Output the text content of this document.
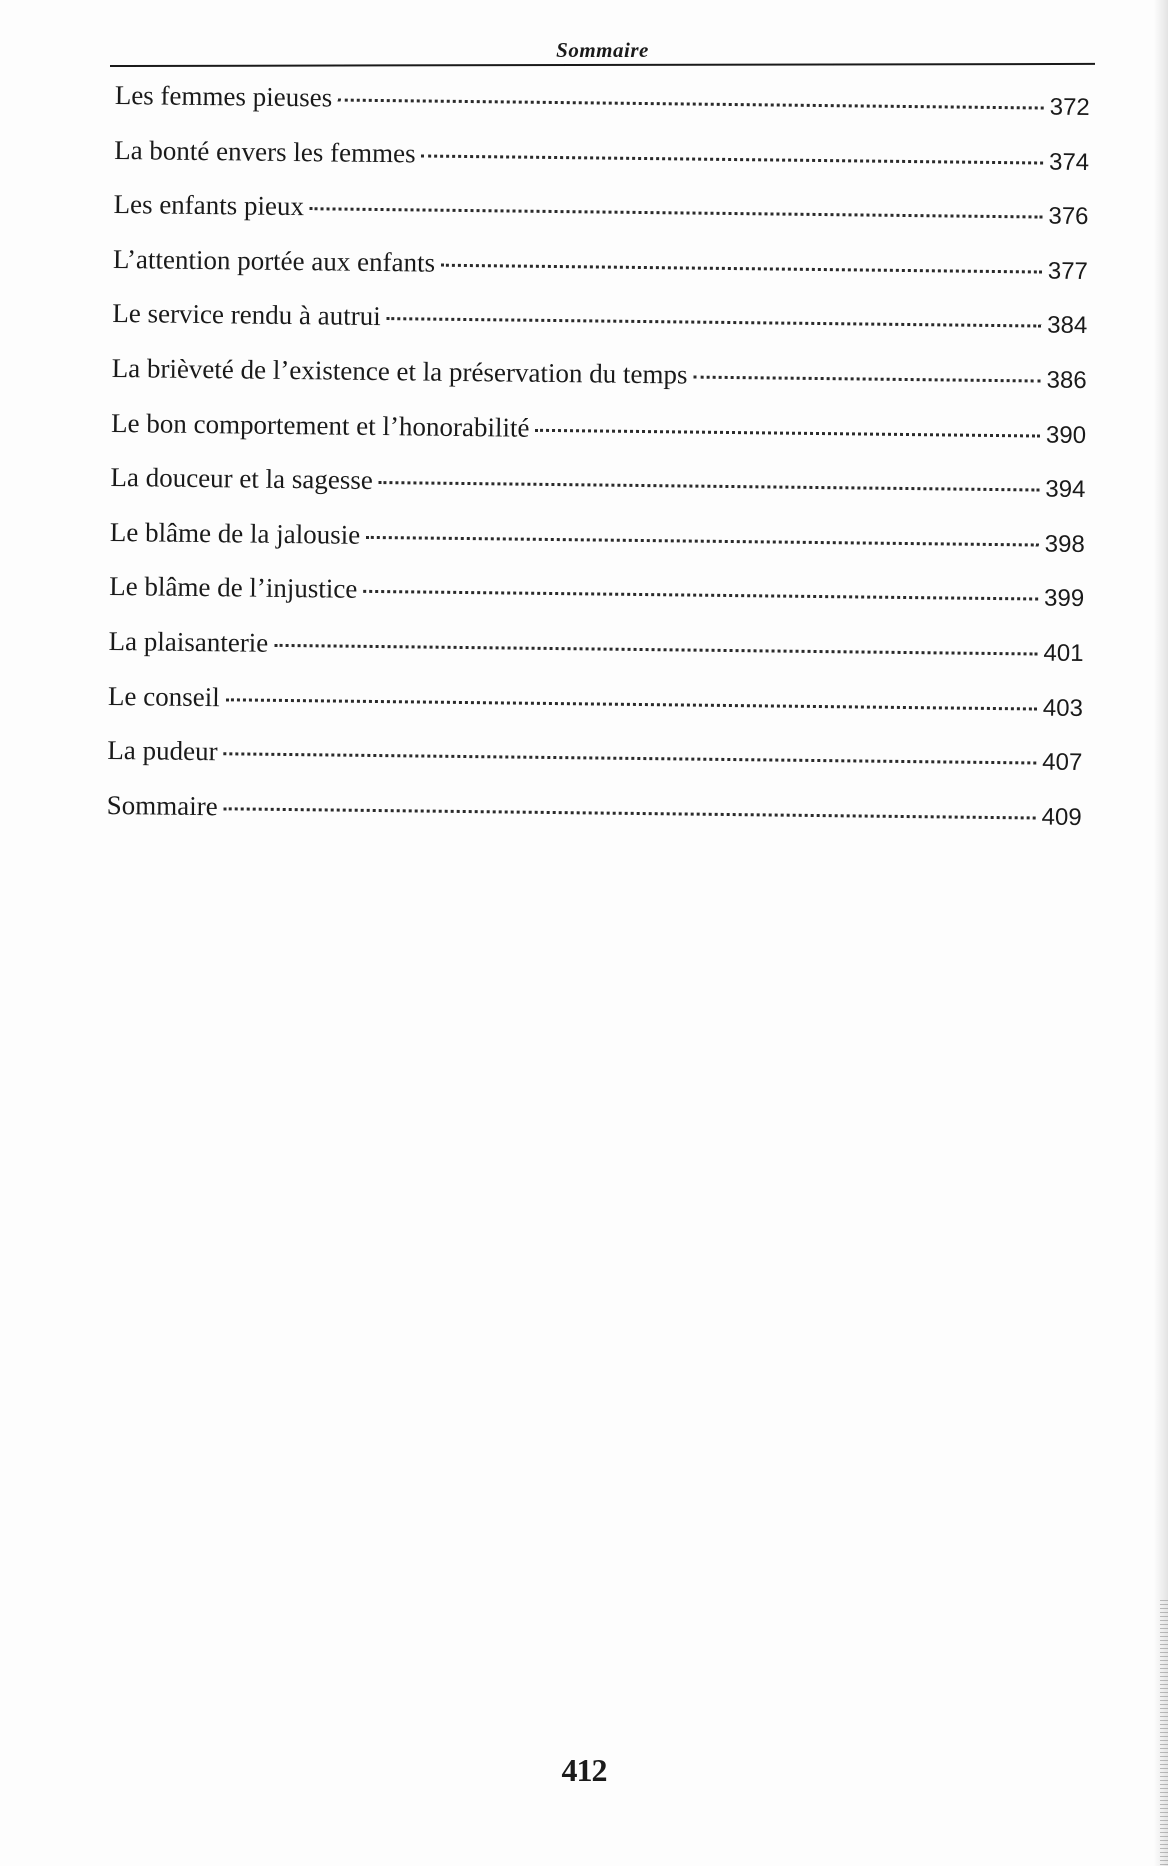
Sommaire
Les femmes pieuses	372
La bonté envers les femmes	374
Les enfants pieux	376
L’attention portée aux enfants	377
Le service rendu à autrui	384
La brièveté de l’existence et la préservation du temps	386
Le bon comportement et l’honorabilité	390
La douceur et la sagesse	394
Le blâme de la jalousie	398
Le blâme de l’injustice	399
La plaisanterie	401
Le conseil	403
La pudeur	407
Sommaire	409
412
